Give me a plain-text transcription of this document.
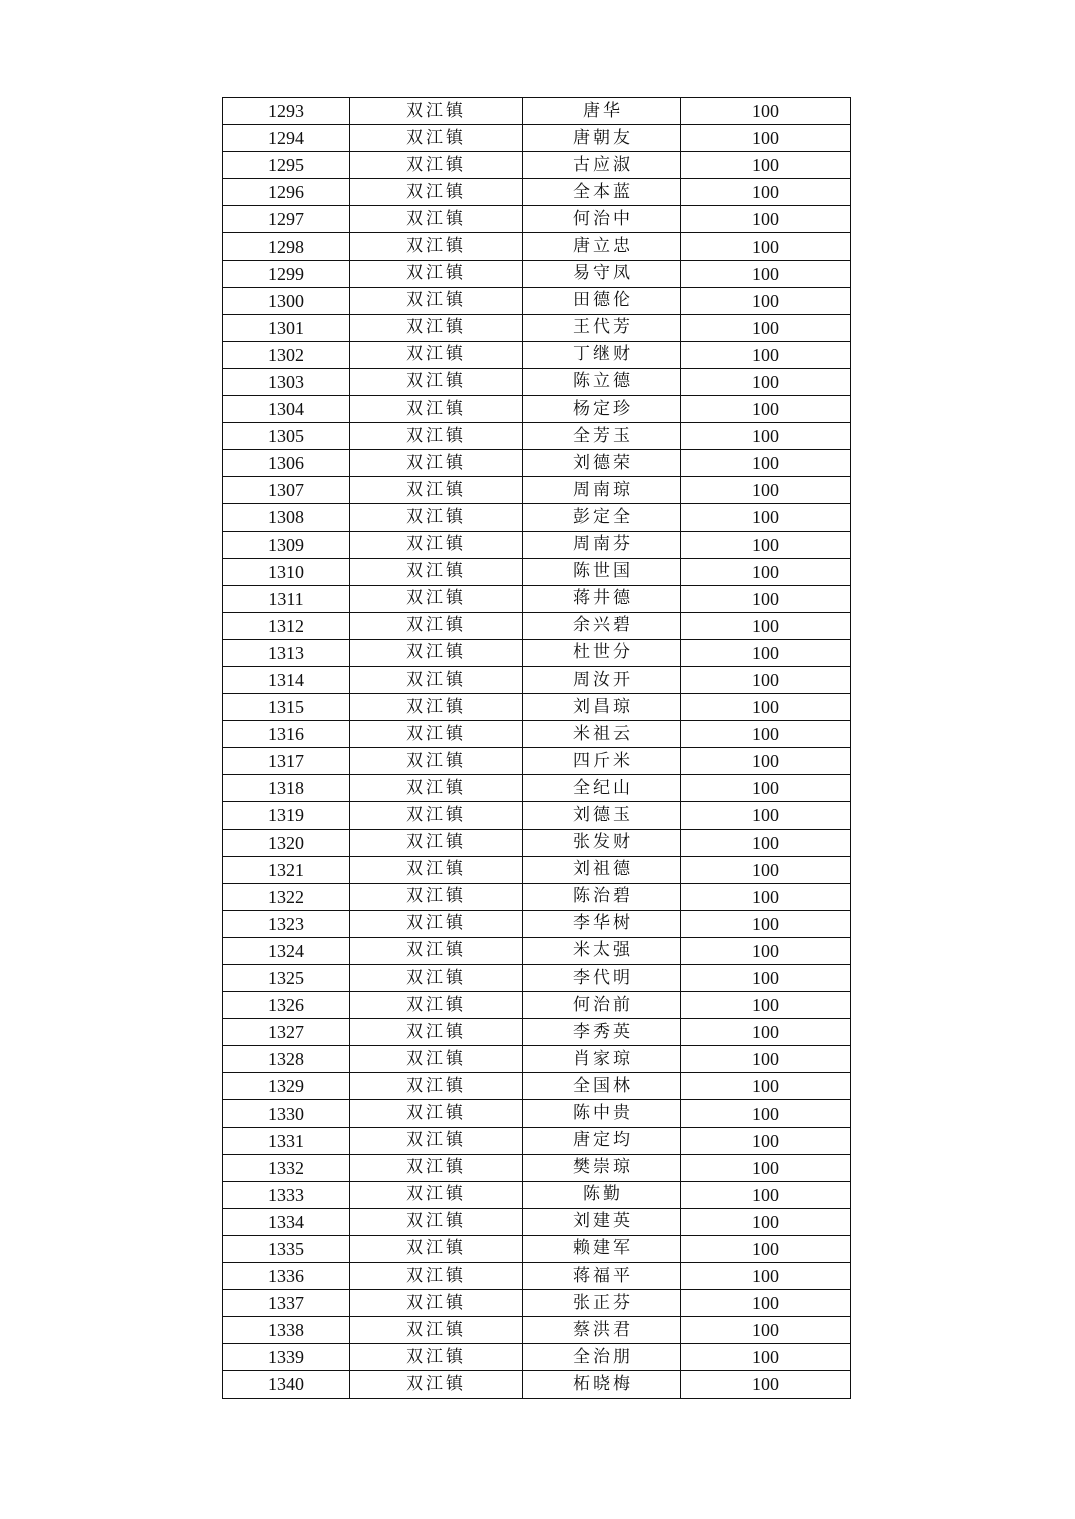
1293	双江镇	唐华	100
1294	双江镇	唐朝友	100
1295	双江镇	古应淑	100
1296	双江镇	全本蓝	100
1297	双江镇	何治中	100
1298	双江镇	唐立忠	100
1299	双江镇	易守凤	100
1300	双江镇	田德伦	100
1301	双江镇	王代芳	100
1302	双江镇	丁继财	100
1303	双江镇	陈立德	100
1304	双江镇	杨定珍	100
1305	双江镇	全芳玉	100
1306	双江镇	刘德荣	100
1307	双江镇	周南琼	100
1308	双江镇	彭定全	100
1309	双江镇	周南芬	100
1310	双江镇	陈世国	100
1311	双江镇	蒋井德	100
1312	双江镇	余兴碧	100
1313	双江镇	杜世分	100
1314	双江镇	周汝开	100
1315	双江镇	刘昌琼	100
1316	双江镇	米祖云	100
1317	双江镇	四斤米	100
1318	双江镇	全纪山	100
1319	双江镇	刘德玉	100
1320	双江镇	张发财	100
1321	双江镇	刘祖德	100
1322	双江镇	陈治碧	100
1323	双江镇	李华树	100
1324	双江镇	米太强	100
1325	双江镇	李代明	100
1326	双江镇	何治前	100
1327	双江镇	李秀英	100
1328	双江镇	肖家琼	100
1329	双江镇	全国林	100
1330	双江镇	陈中贵	100
1331	双江镇	唐定均	100
1332	双江镇	樊崇琼	100
1333	双江镇	陈勤	100
1334	双江镇	刘建英	100
1335	双江镇	赖建军	100
1336	双江镇	蒋福平	100
1337	双江镇	张正芬	100
1338	双江镇	蔡洪君	100
1339	双江镇	全治朋	100
1340	双江镇	柘晓梅	100
